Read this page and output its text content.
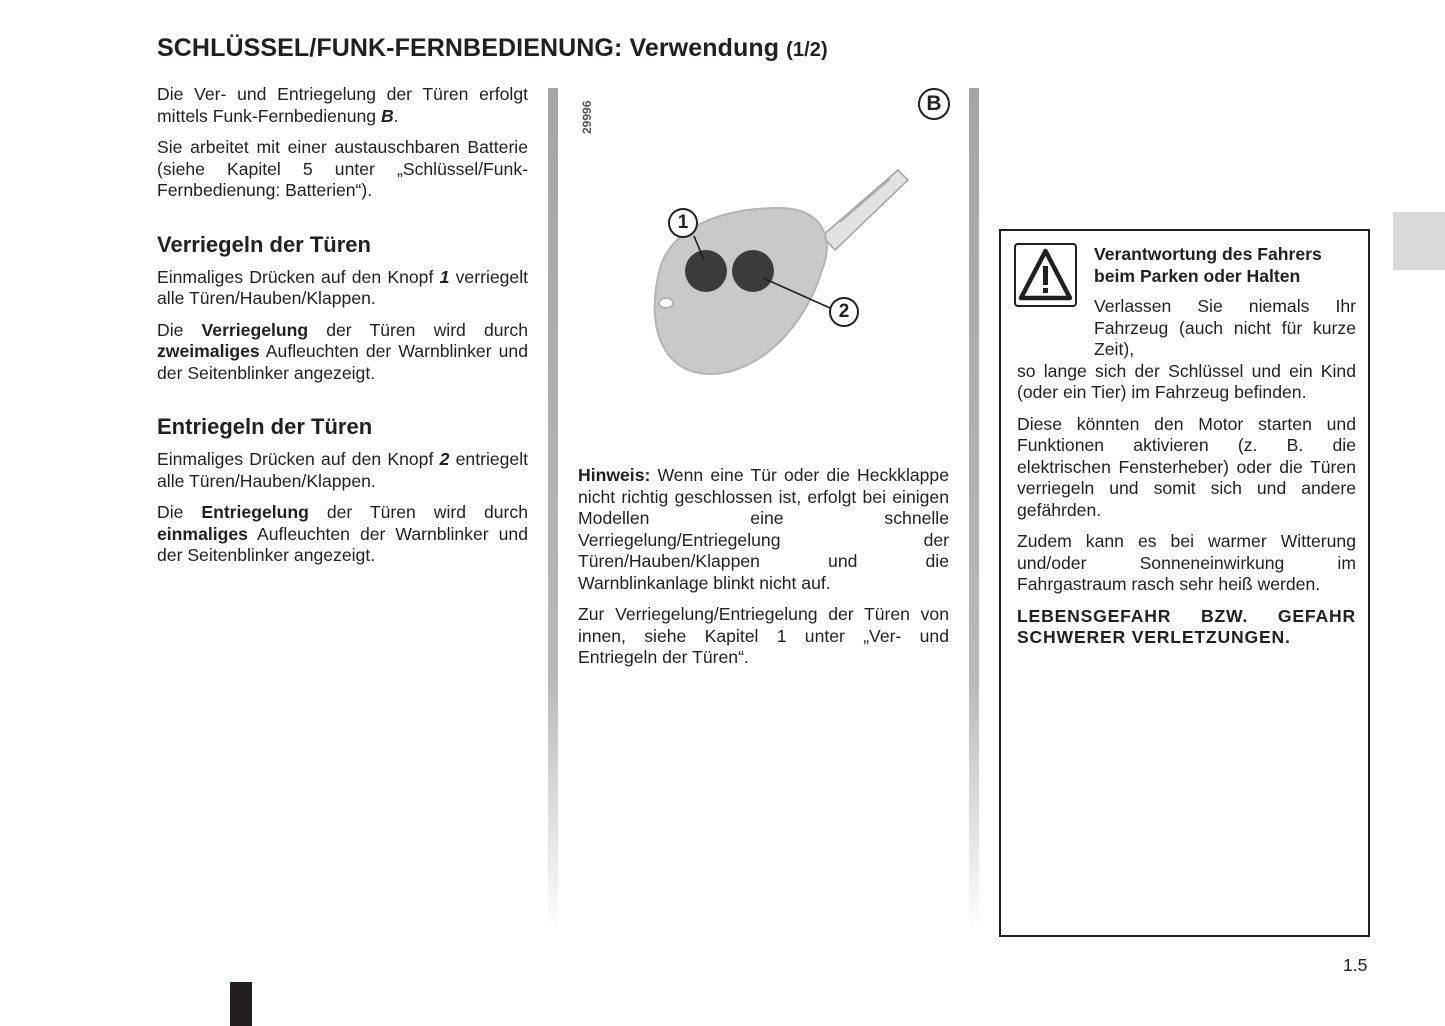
SCHLÜSSEL/FUNK-FERNBEDIENUNG: Verwendung (1/2)

Die Ver- und Entriegelung der Türen erfolgt mittels Funk-Fernbedienung B.

Sie arbeitet mit einer austauschbaren Batterie (siehe Kapitel 5 unter „Schlüssel/Funk-Fernbedienung: Batterien“).

Verriegeln der Türen

Einmaliges Drücken auf den Knopf 1 verriegelt alle Türen/Hauben/Klappen.

Die Verriegelung der Türen wird durch zweimaliges Aufleuchten der Warnblinker und der Seitenblinker angezeigt.

Entriegeln der Türen

Einmaliges Drücken auf den Knopf 2 entriegelt alle Türen/Hauben/Klappen.

Die Entriegelung der Türen wird durch einmaliges Aufleuchten der Warnblinker und der Seitenblinker angezeigt.

29996	B
1
2

Hinweis: Wenn eine Tür oder die Heckklappe nicht richtig geschlossen ist, erfolgt bei einigen Modellen eine schnelle Verriegelung/Entriegelung der Türen/Hauben/Klappen und die Warnblinkanlage blinkt nicht auf.

Zur Verriegelung/Entriegelung der Türen von innen, siehe Kapitel 1 unter „Ver- und Entriegeln der Türen“.

Verantwortung des Fahrers beim Parken oder Halten

Verlassen Sie niemals Ihr Fahrzeug (auch nicht für kurze Zeit),

so lange sich der Schlüssel und ein Kind (oder ein Tier) im Fahrzeug befinden.

Diese könnten den Motor starten und Funktionen aktivieren (z. B. die elektrischen Fensterheber) oder die Türen verriegeln und somit sich und andere gefährden.

Zudem kann es bei warmer Witterung und/oder Sonneneinwirkung im Fahrgastraum rasch sehr heiß werden.

LEBENSGEFAHR BZW. GEFAHR SCHWERER VERLETZUNGEN.

1.5
